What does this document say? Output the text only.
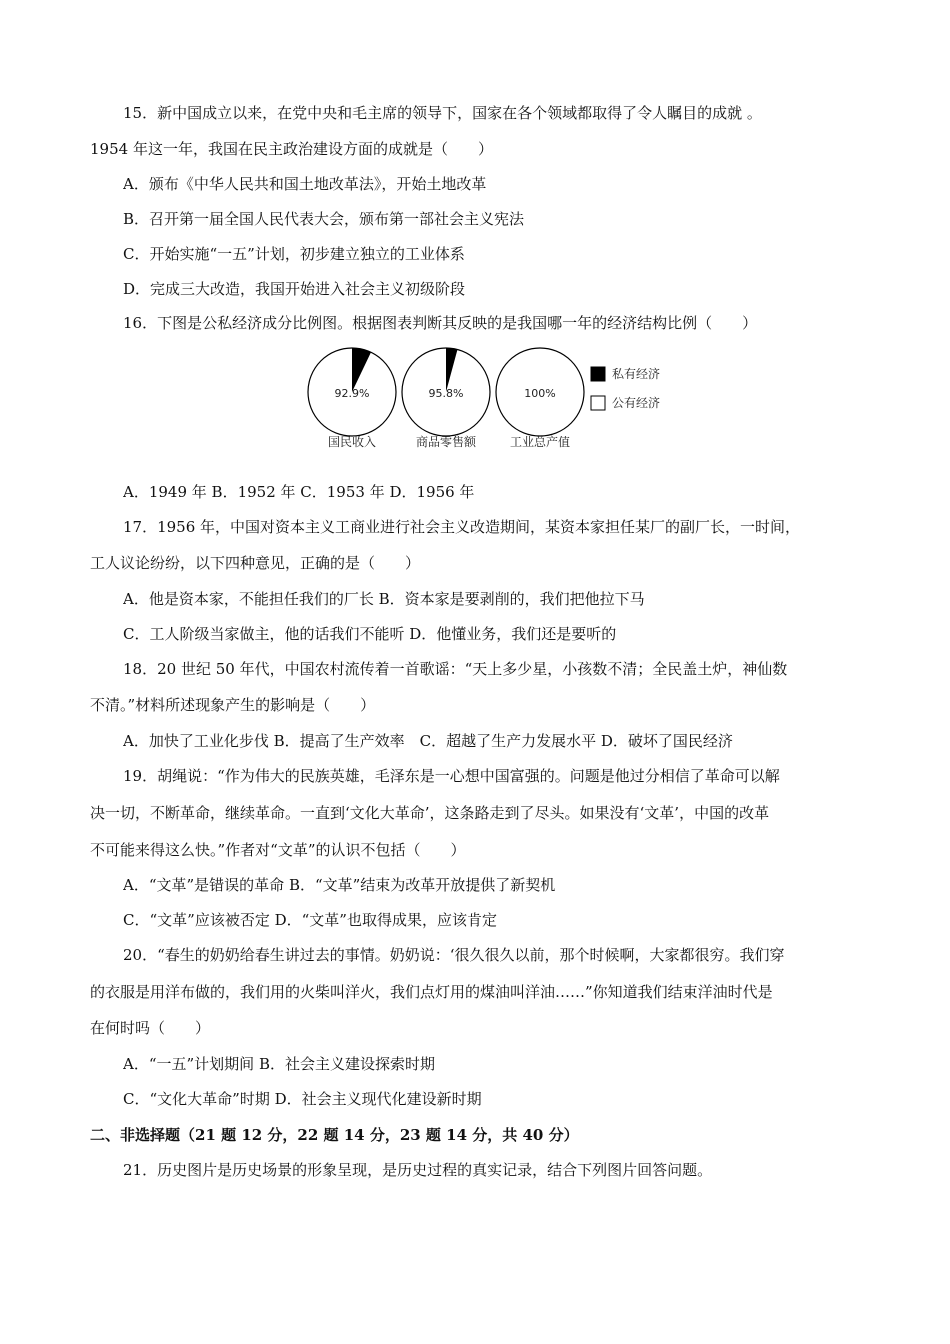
15．新中国成立以来，在党中央和毛主席的领导下，国家在各个领域都取得了令人瞩目的成就 。
1954 年这一年，我国在民主政治建设方面的成就是（　　）
A．颁布《中华人民共和国土地改革法》，开始土地改革
B．召开第一届全国人民代表大会，颁布第一部社会主义宪法
C．开始实施“一五”计划，初步建立独立的工业体系
D．完成三大改造，我国开始进入社会主义初级阶段
16．下图是公私经济成分比例图。根据图表判断其反映的是我国哪一年的经济结构比例（　　）
92.9%
国民收入
95.8%
商品零售额
100%
工业总产值
私有经济
公有经济
A．1949 年 B．1952 年 C．1953 年 D．1956 年
17．1956 年，中国对资本主义工商业进行社会主义改造期间，某资本家担任某厂的副厂长，一时间，
工人议论纷纷，以下四种意见，正确的是（　　）
A．他是资本家，不能担任我们的厂长 B．资本家是要剥削的，我们把他拉下马
C．工人阶级当家做主，他的话我们不能听 D．他懂业务，我们还是要听的
18．20 世纪 50 年代，中国农村流传着一首歌谣：“天上多少星，小孩数不清；全民盖土炉，神仙数
不清。”材料所述现象产生的影响是（　　）
A．加快了工业化步伐 B．提高了生产效率　C．超越了生产力发展水平 D．破坏了国民经济
19．胡绳说：“作为伟大的民族英雄，毛泽东是一心想中国富强的。问题是他过分相信了革命可以解
决一切，不断革命，继续革命。一直到‘文化大革命’，这条路走到了尽头。如果没有‘文革’，中国的改革
不可能来得这么快。”作者对“文革”的认识不包括（　　）
A．“文革”是错误的革命 B．“文革”结束为改革开放提供了新契机
C．“文革”应该被否定 D．“文革”也取得成果，应该肯定
20．“春生的奶奶给春生讲过去的事情。奶奶说：‘很久很久以前，那个时候啊，大家都很穷。我们穿
的衣服是用洋布做的，我们用的火柴叫洋火，我们点灯用的煤油叫洋油……”你知道我们结束洋油时代是
在何时吗（　　）
A．“一五”计划期间 B．社会主义建设探索时期
C．“文化大革命”时期 D．社会主义现代化建设新时期
二、非选择题（21 题 12 分，22 题 14 分，23 题 14 分，共 40 分）
21．历史图片是历史场景的形象呈现，是历史过程的真实记录，结合下列图片回答问题。
